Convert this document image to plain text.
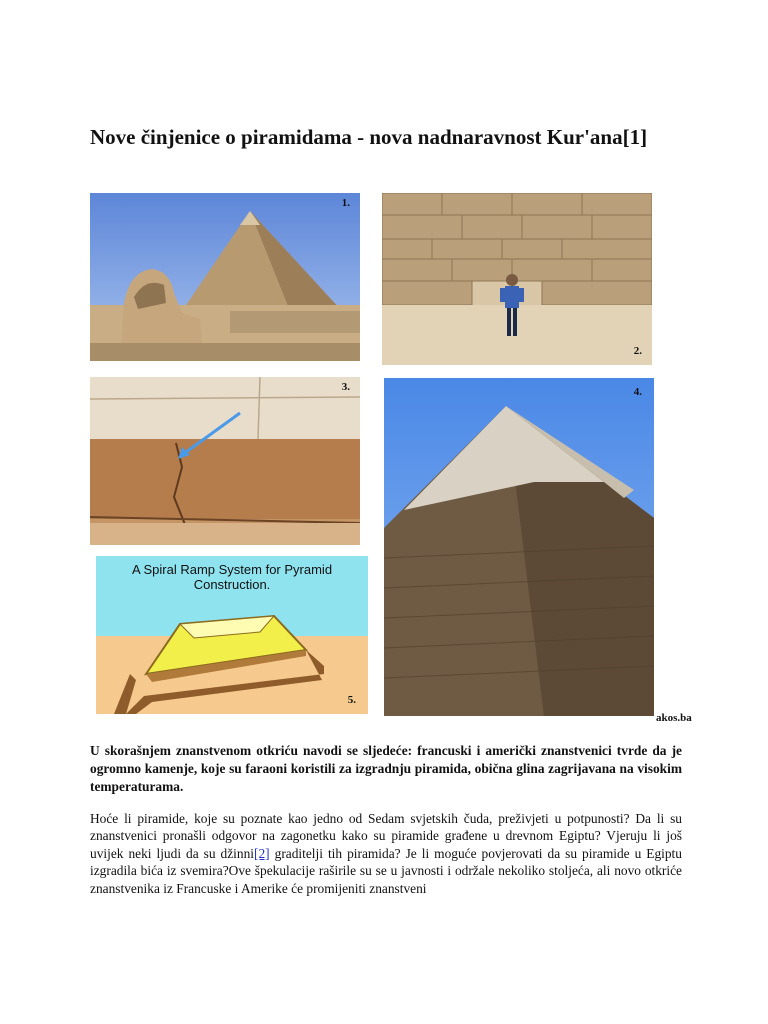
Nove činjenice o piramidama - nova nadnaravnost Kur'ana[1]
1.
2.
3.	4.
A Spiral Ramp System for Pyramid Construction.
5.
akos.ba

U skorašnjem znanstvenom otkriću navodi se sljedeće: francuski i američki znanstvenici tvrde da je ogromno kamenje, koje su faraoni koristili za izgradnju piramida, obična glina zagrijavana na visokim temperaturama.

Hoće li piramide, koje su poznate kao jedno od Sedam svjetskih čuda, preživjeti u potpunosti? Da li su znanstvenici pronašli odgovor na zagonetku kako su piramide građene u drevnom Egiptu? Vjeruju li još uvijek neki ljudi da su džinni[2] graditelji tih piramida? Je li moguće povjerovati da su piramide u Egiptu izgradila bića iz svemira?Ove špekulacije raširile su se u javnosti i održale nekoliko stoljeća, ali novo otkriće znanstvenika iz Francuske i Amerike će promijeniti znanstveni
